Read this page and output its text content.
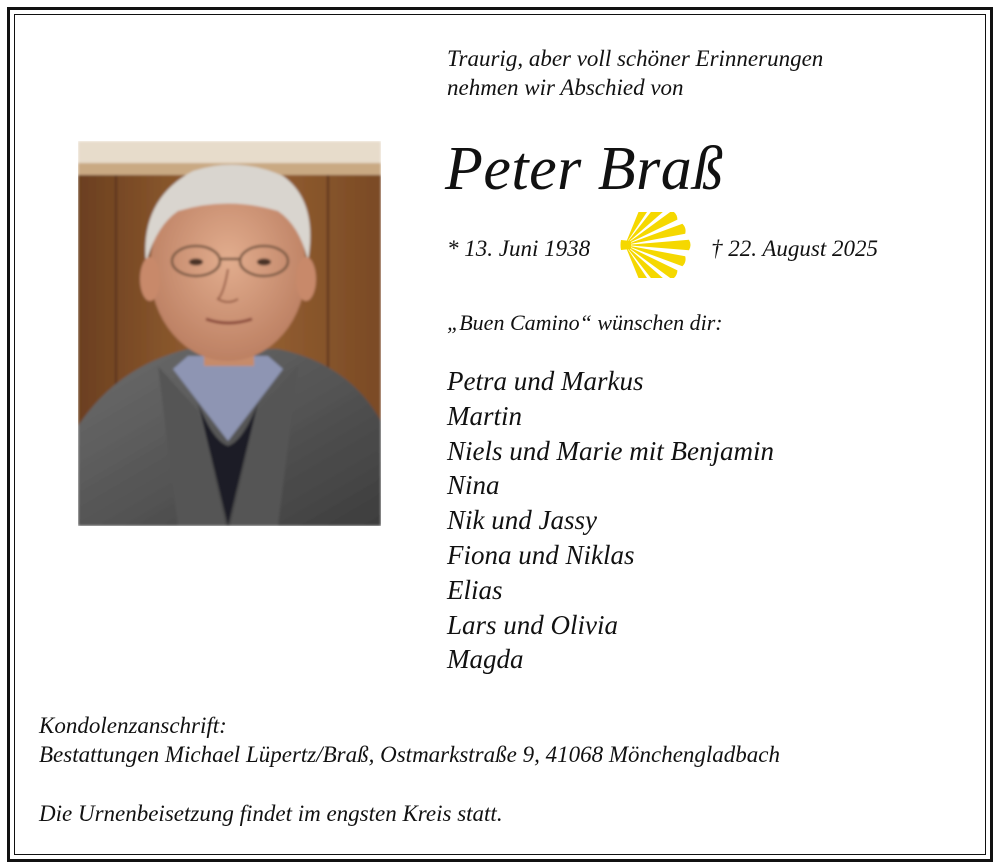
Traurig, aber voll schöner Erinnerungen
nehmen wir Abschied von
Peter Braß
* 13. Juni 1938	† 22. August 2025
„Buen Camino“ wünschen dir:
Petra und Markus
Martin
Niels und Marie mit Benjamin
Nina
Nik und Jassy
Fiona und Niklas
Elias
Lars und Olivia
Magda
Kondolenzanschrift:
Bestattungen Michael Lüpertz/Braß, Ostmarkstraße 9, 41068 Mönchengladbach
Die Urnenbeisetzung findet im engsten Kreis statt.
